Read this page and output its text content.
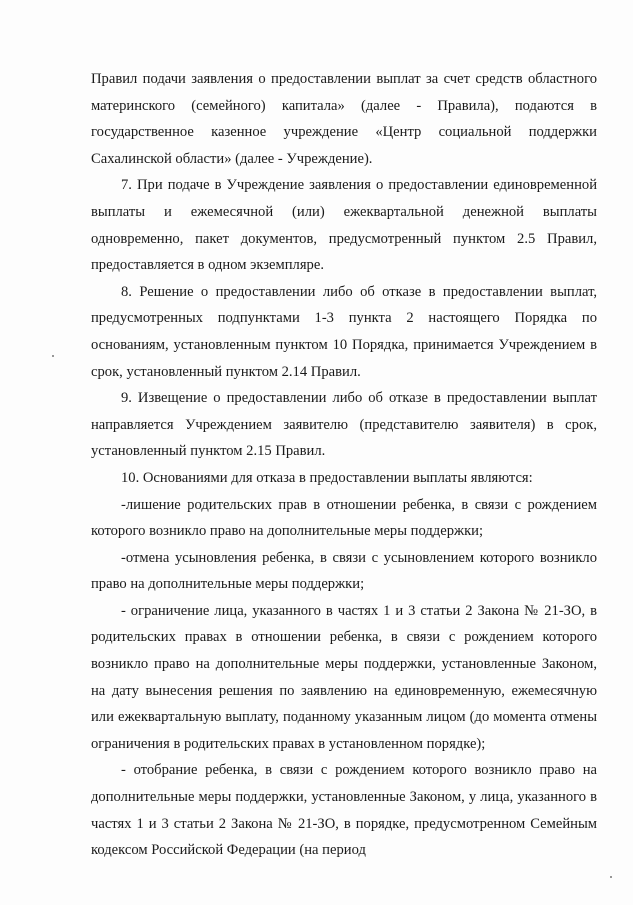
Правил подачи заявления о предоставлении выплат за счет средств областного материнского (семейного) капитала» (далее - Правила), подаются в государственное казенное учреждение «Центр социальной поддержки Сахалинской области» (далее - Учреждение).

7. При подаче в Учреждение заявления о предоставлении единовременной выплаты и ежемесячной (или) ежеквартальной денежной выплаты одновременно, пакет документов, предусмотренный пунктом 2.5 Правил, предоставляется в одном экземпляре.

8. Решение о предоставлении либо об отказе в предоставлении выплат, предусмотренных подпунктами 1-3 пункта 2 настоящего Порядка по основаниям, установленным пунктом 10 Порядка, принимается Учреждением в срок, установленный пунктом 2.14 Правил.

9. Извещение о предоставлении либо об отказе в предоставлении выплат направляется Учреждением заявителю (представителю заявителя) в срок, установленный пунктом 2.15 Правил.

10. Основаниями для отказа в предоставлении выплаты являются:

-лишение родительских прав в отношении ребенка, в связи с рождением которого возникло право на дополнительные меры поддержки;

-отмена усыновления ребенка, в связи с усыновлением которого возникло право на дополнительные меры поддержки;

- ограничение лица, указанного в частях 1 и 3 статьи 2 Закона № 21-ЗО, в родительских правах в отношении ребенка, в связи с рождением которого возникло право на дополнительные меры поддержки, установленные Законом, на дату вынесения решения по заявлению на единовременную, ежемесячную или ежеквартальную выплату, поданному указанным лицом (до момента отмены ограничения в родительских правах в установленном порядке);

- отобрание ребенка, в связи с рождением которого возникло право на дополнительные меры поддержки, установленные Законом, у лица, указанного в частях 1 и 3 статьи 2 Закона № 21-ЗО, в порядке, предусмотренном Семейным кодексом Российской Федерации (на период
